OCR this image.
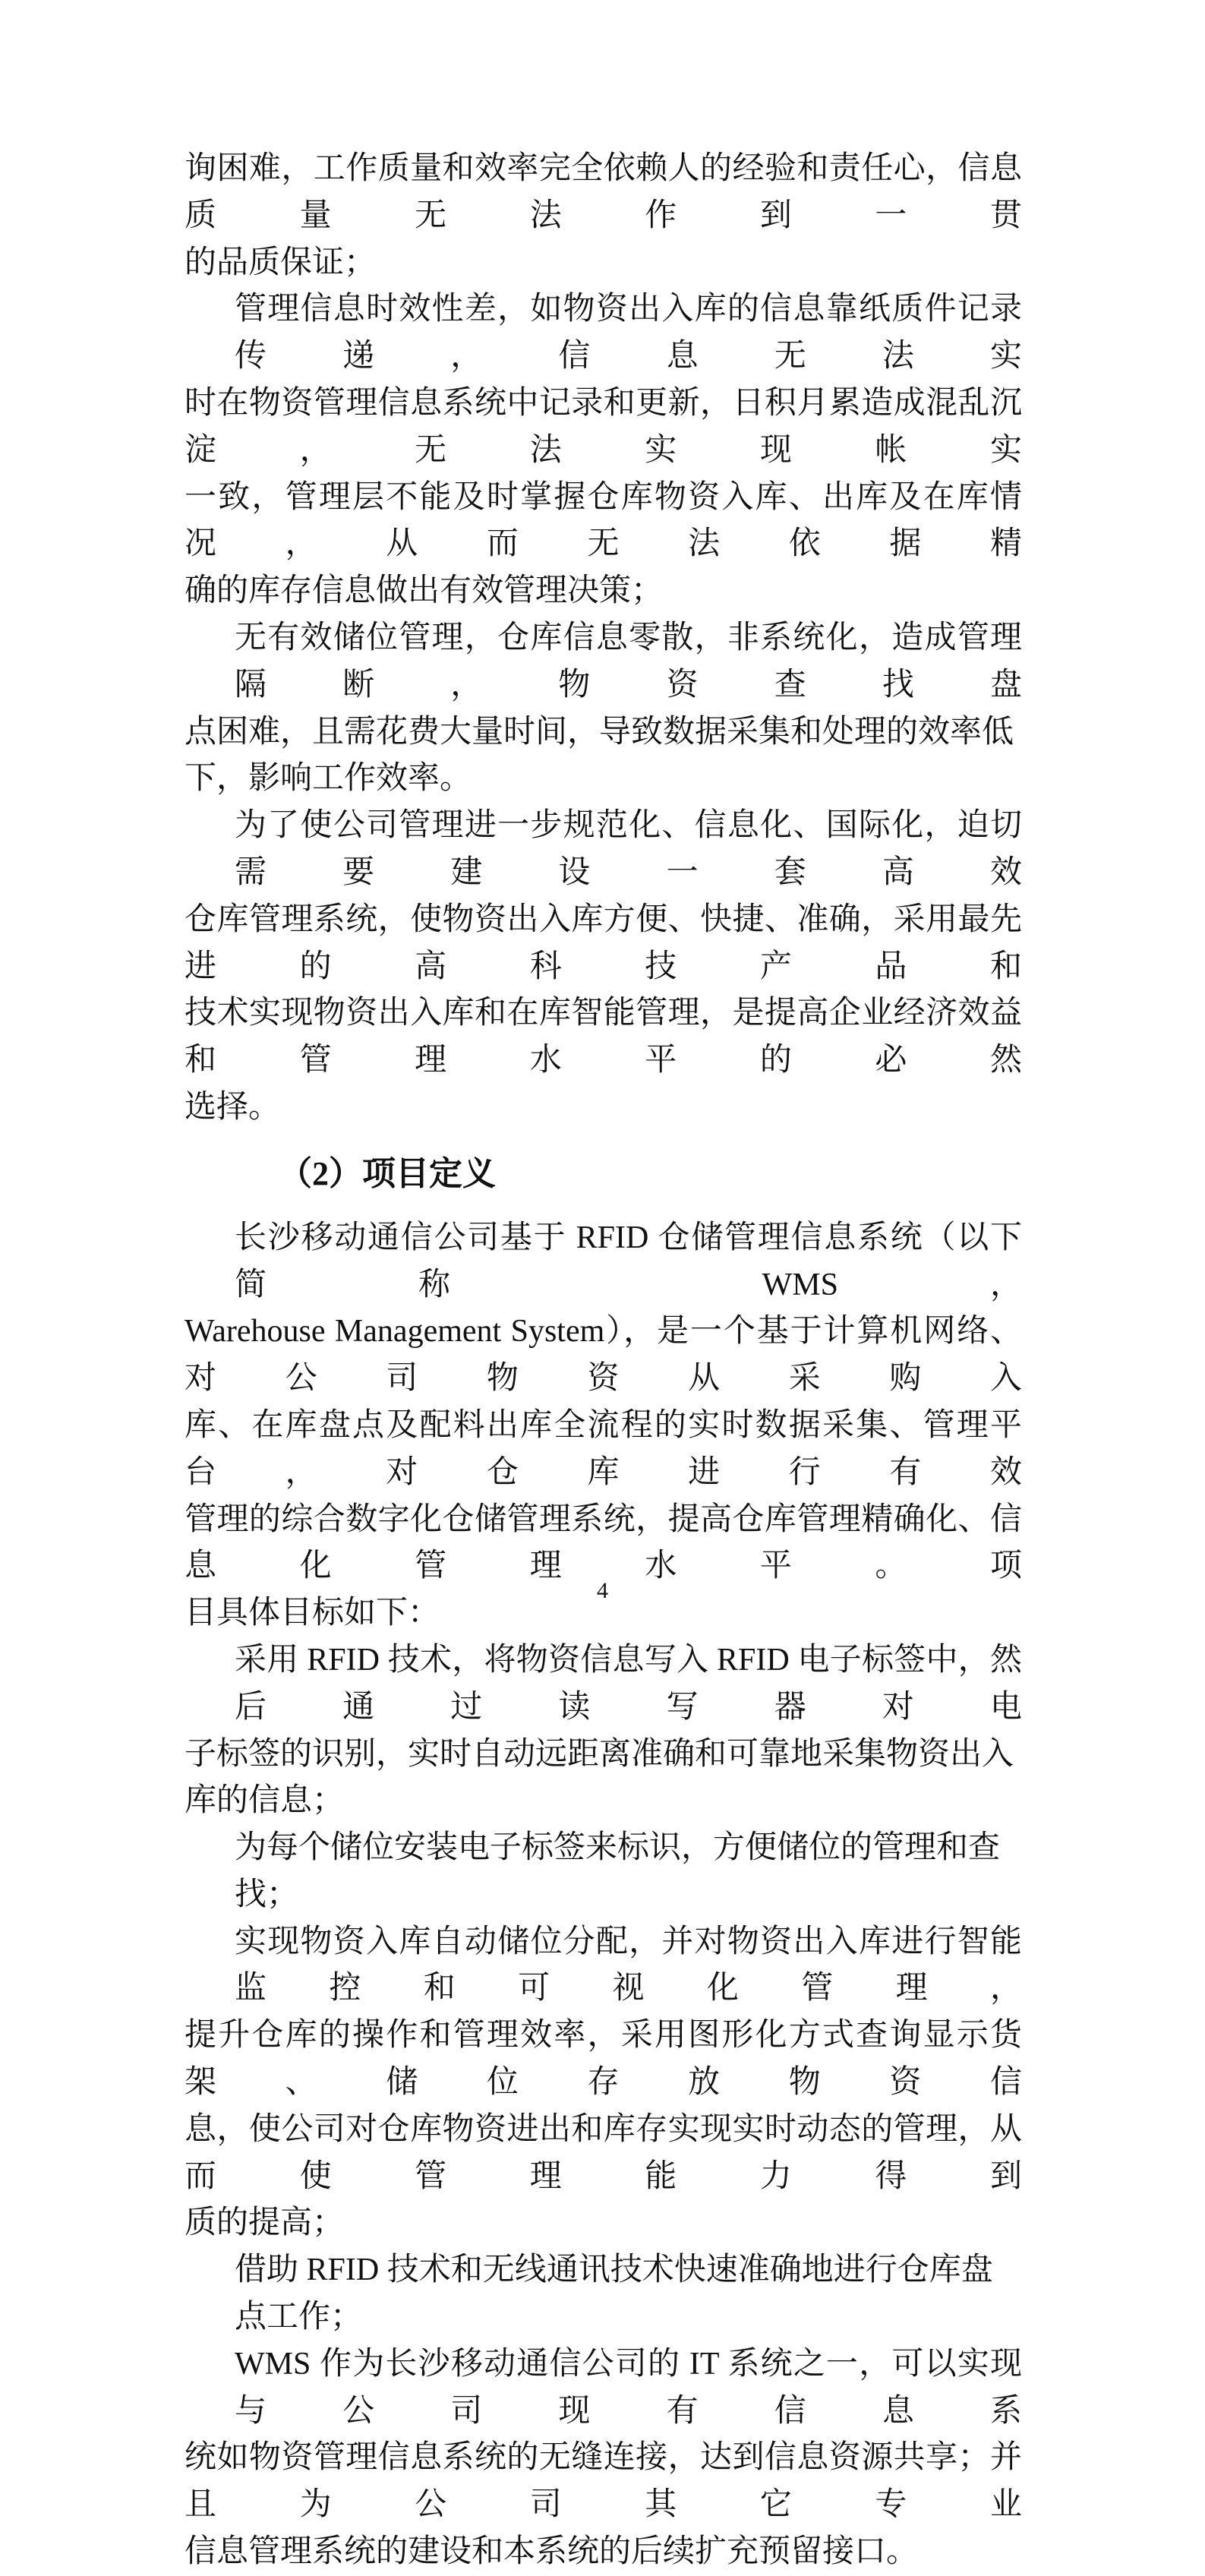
询困难，工作质量和效率完全依赖人的经验和责任心，信息质量无法作到一贯
的品质保证；
管理信息时效性差，如物资出入库的信息靠纸质件记录传递，信息无法实
时在物资管理信息系统中记录和更新，日积月累造成混乱沉淀，无法实现帐实
一致，管理层不能及时掌握仓库物资入库、出库及在库情况，从而无法依据精
确的库存信息做出有效管理决策；
无有效储位管理，仓库信息零散，非系统化，造成管理隔断，物资查找盘
点困难，且需花费大量时间，导致数据采集和处理的效率低下，影响工作效率。
为了使公司管理进一步规范化、信息化、国际化，迫切需要建设一套高效
仓库管理系统，使物资出入库方便、快捷、准确，采用最先进的高科技产品和
技术实现物资出入库和在库智能管理，是提高企业经济效益和管理水平的必然
选择。
（2）项目定义
长沙移动通信公司基于 RFID 仓储管理信息系统（以下简称 WMS，
Warehouse Management System），是一个基于计算机网络、对公司物资从采购入
库、在库盘点及配料出库全流程的实时数据采集、管理平台，对仓库进行有效
管理的综合数字化仓储管理系统，提高仓库管理精确化、信息化管理水平。项
目具体目标如下：
采用 RFID 技术，将物资信息写入 RFID 电子标签中，然后通过读写器对电
子标签的识别，实时自动远距离准确和可靠地采集物资出入库的信息；
为每个储位安装电子标签来标识，方便储位的管理和查找；
实现物资入库自动储位分配，并对物资出入库进行智能监控和可视化管理，
提升仓库的操作和管理效率，采用图形化方式查询显示货架、储位存放物资信
息，使公司对仓库物资进出和库存实现实时动态的管理，从而使管理能力得到
质的提高；
借助 RFID 技术和无线通讯技术快速准确地进行仓库盘点工作；
WMS 作为长沙移动通信公司的 IT 系统之一，可以实现与公司现有信息系
统如物资管理信息系统的无缝连接，达到信息资源共享；并且为公司其它专业
信息管理系统的建设和本系统的后续扩充预留接口。
4
